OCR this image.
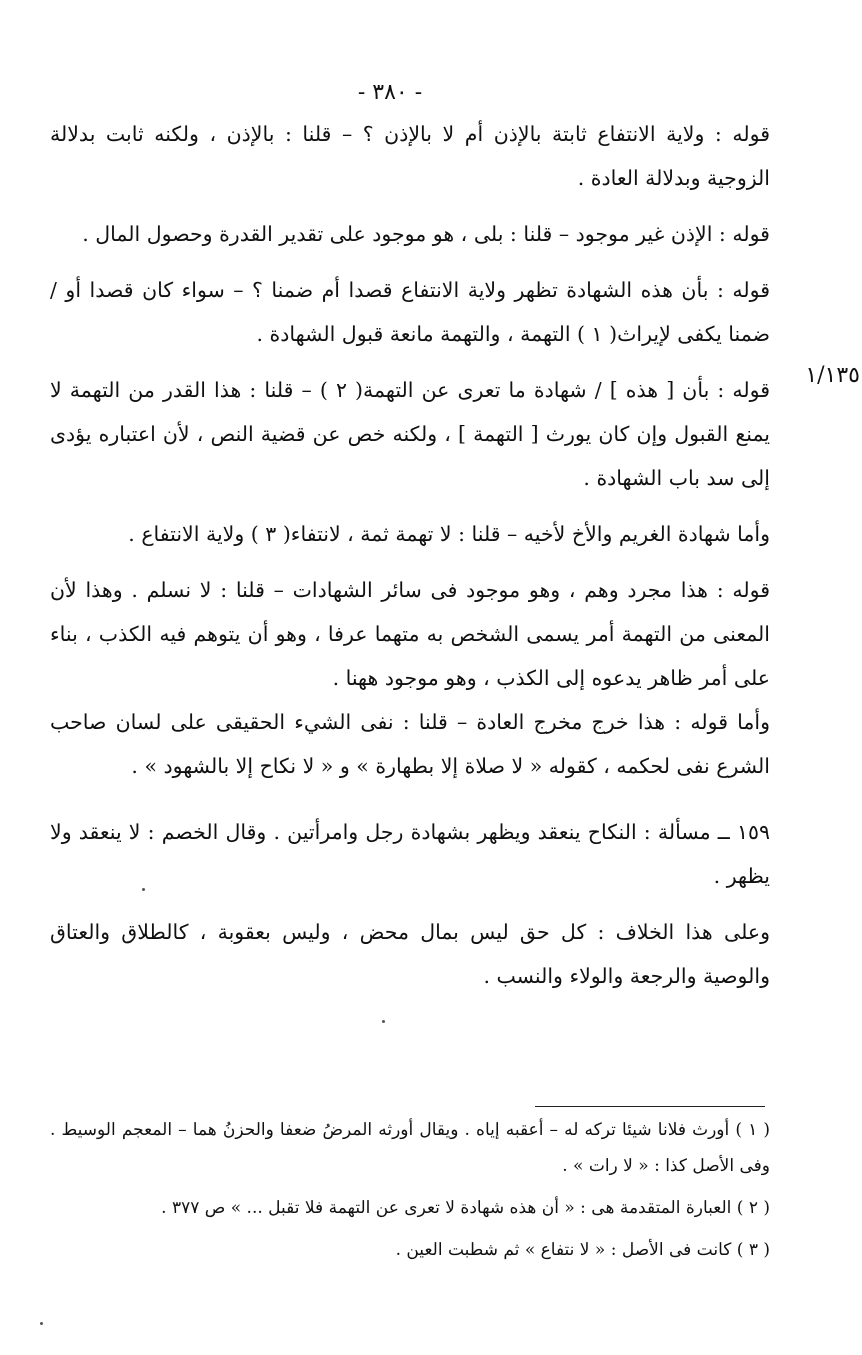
- ٣٨٠ -
١/١٣٥

قوله : ولاية الانتفاع ثابتة بالإذن أم لا بالإذن ؟ – قلنا : بالإذن ، ولكنه ثابت بدلالة الزوجية وبدلالة العادة .

قوله : الإذن غير موجود – قلنا : بلى ، هو موجود على تقدير القدرة وحصول المال .

قوله : بأن هذه الشهادة تظهر ولاية الانتفاع قصدا أم ضمنا ؟ – سواء كان قصدا أو / ضمنا يكفى لإيراث( ١ ) التهمة ، والتهمة مانعة قبول الشهادة .

قوله : بأن [ هذه ] / شهادة ما تعرى عن التهمة( ٢ ) – قلنا : هذا القدر من التهمة لا يمنع القبول وإن كان يورث [ التهمة ] ، ولكنه خص عن قضية النص ، لأن اعتباره يؤدى إلى سد باب الشهادة .

وأما شهادة الغريم والأخ لأخيه – قلنا : لا تهمة ثمة ، لانتفاء( ٣ ) ولاية الانتفاع .

قوله : هذا مجرد وهم ، وهو موجود فى سائر الشهادات – قلنا : لا نسلم . وهذا لأن المعنى من التهمة أمر يسمى الشخص به متهما عرفا ، وهو أن يتوهم فيه الكذب ، بناء على أمر ظاهر يدعوه إلى الكذب ، وهو موجود ههنا .

وأما قوله : هذا خرج مخرج العادة – قلنا : نفى الشيء الحقيقى على لسان صاحب الشرع نفى لحكمه ، كقوله « لا صلاة إلا بطهارة » و « لا نكاح إلا بالشهود » .

١٥٩ ــ مسألة : النكاح ينعقد ويظهر بشهادة رجل وامرأتين . وقال الخصم : لا ينعقد ولا يظهر .

وعلى هذا الخلاف : كل حق ليس بمال محض ، وليس بعقوبة ، كالطلاق والعتاق والوصية والرجعة والولاء والنسب .

( ١ ) أورث فلانا شيئا تركه له – أعقبه إياه . ويقال أورثه المرضُ ضعفا والحزنُ هما – المعجم الوسيط . وفى الأصل كذا : « لا رات » .

( ٢ ) العبارة المتقدمة هى : « أن هذه شهادة لا تعرى عن التهمة فلا تقبل ... » ص ٣٧٧ .

( ٣ ) كانت فى الأصل : « لا نتفاع » ثم شطبت العين .
